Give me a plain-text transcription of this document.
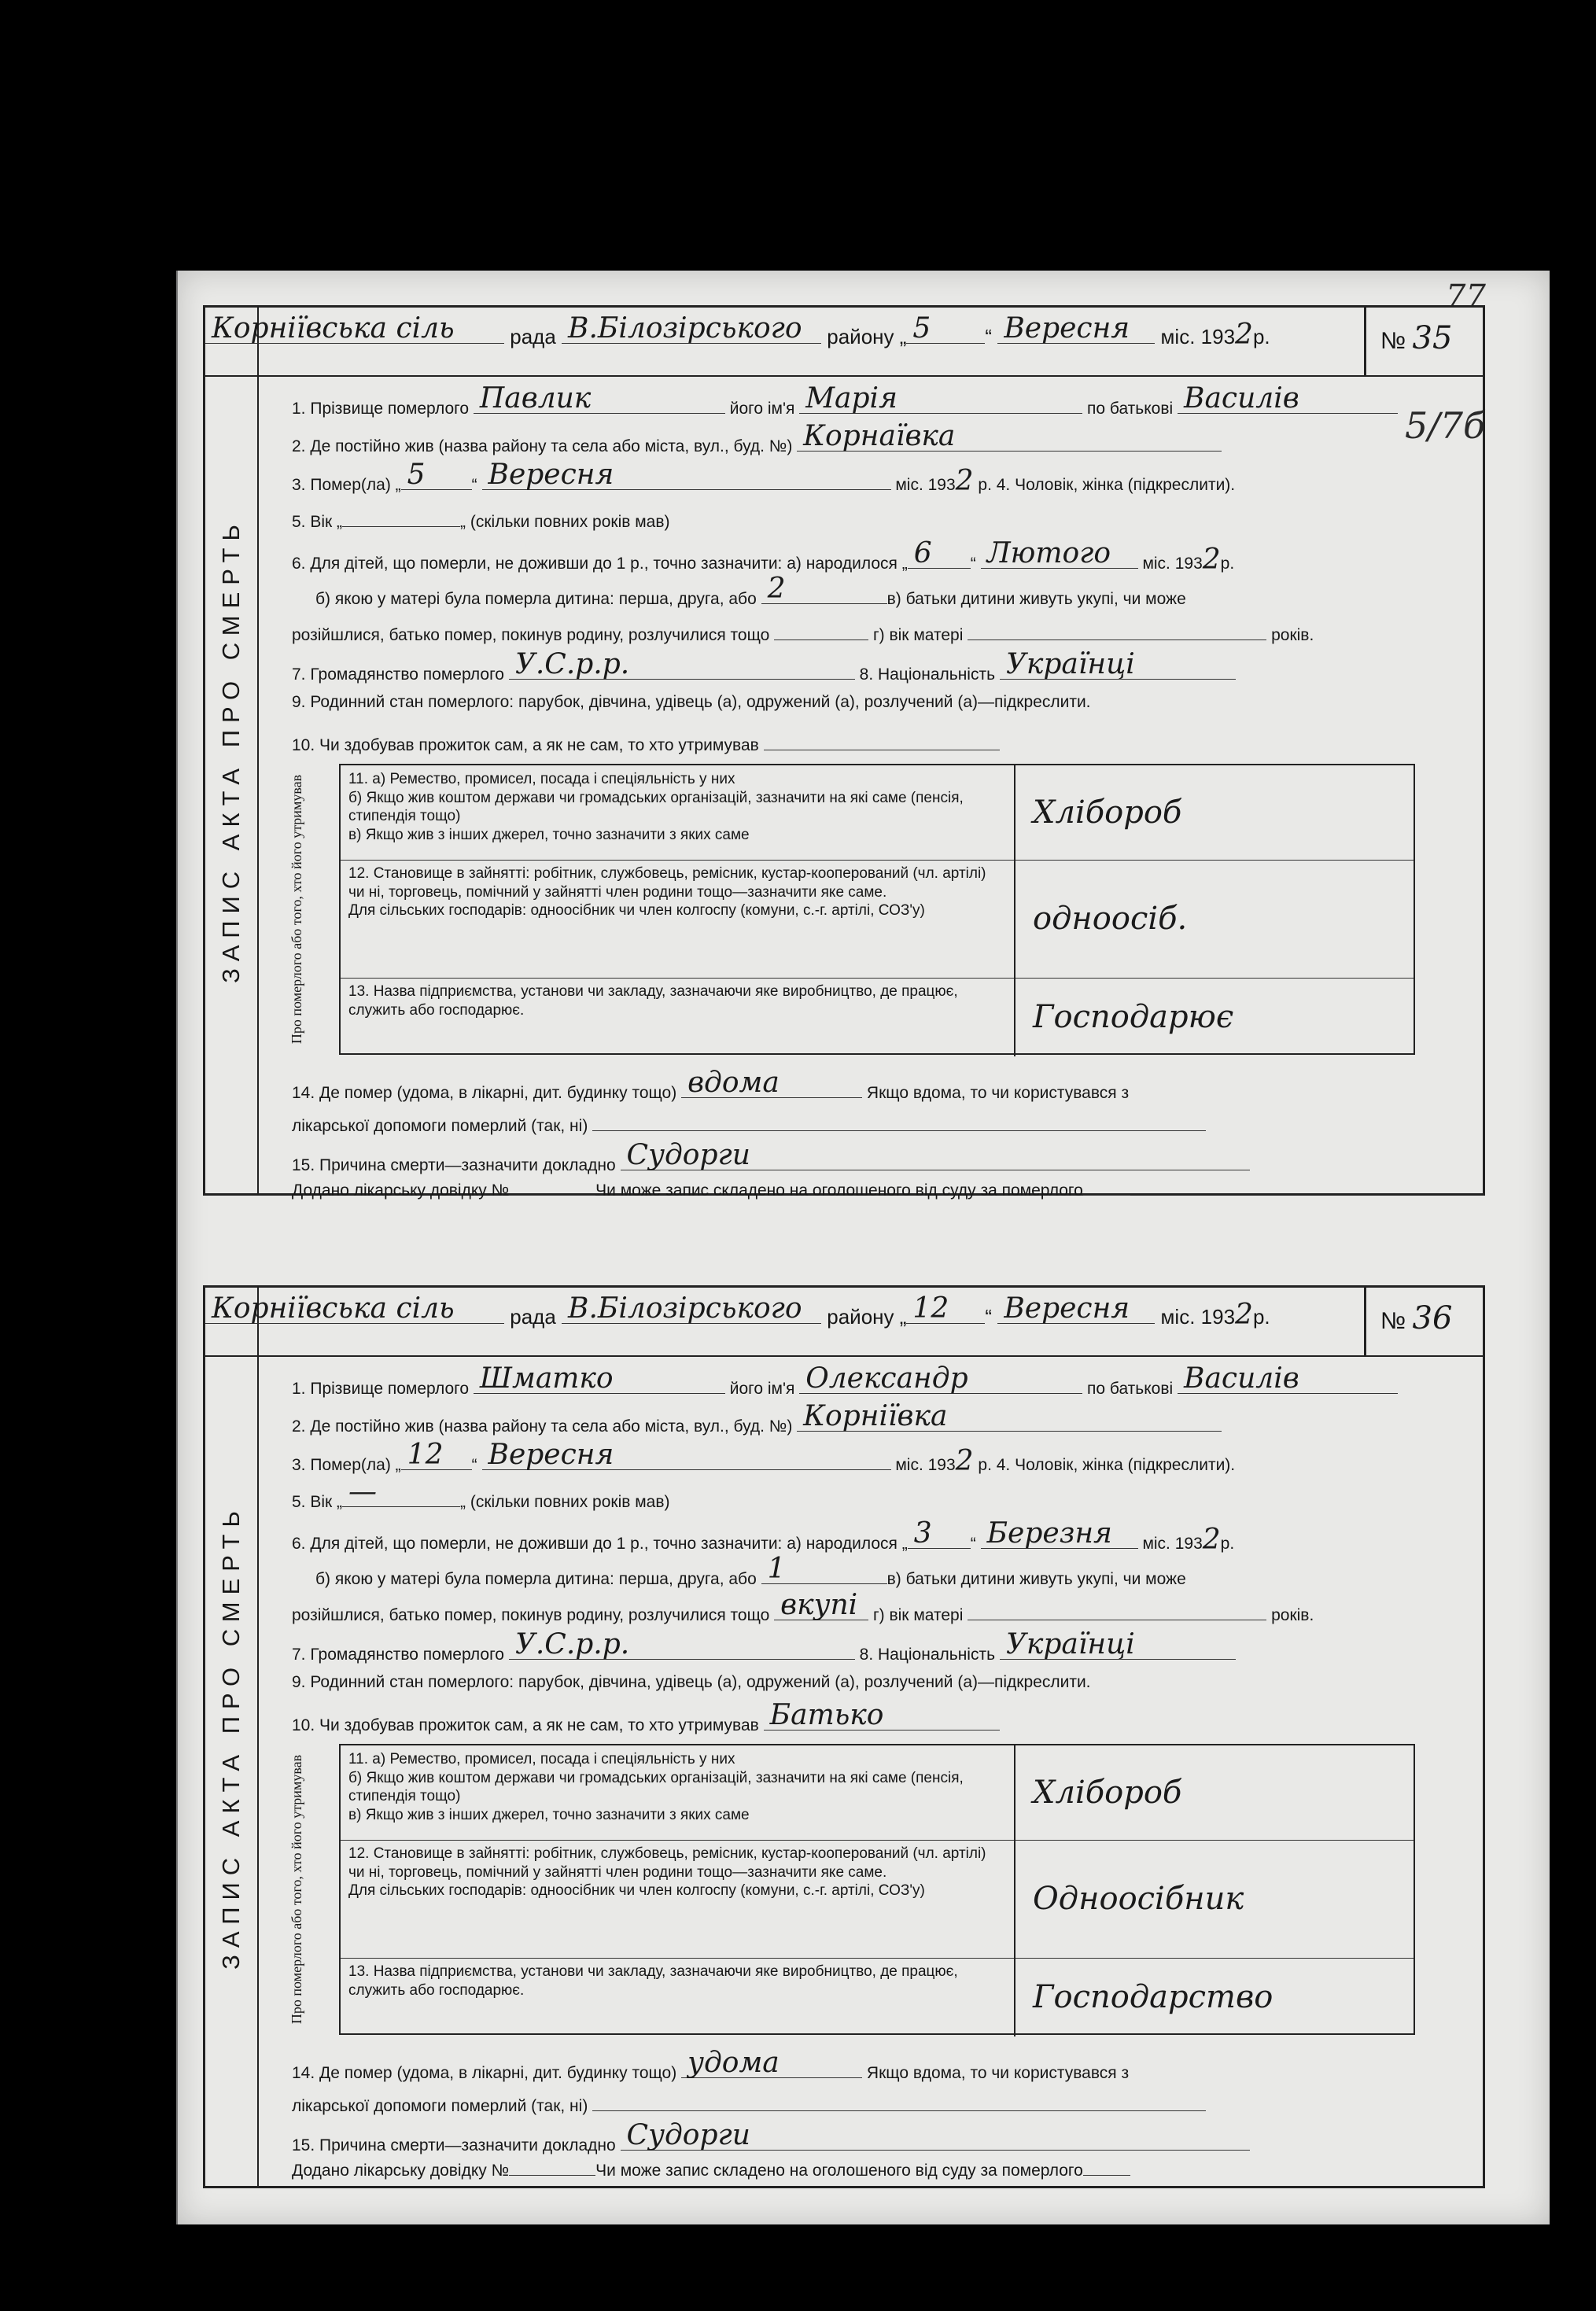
77
5/7б
ЗАПИС АКТА ПРО СМЕРТЬ
Корніївська сіль	рада В.Білозірського району „ 5	“ Вересня міс. 1932р.	№ 35
1. Прізвище померлого Павлик	його ім'я Марія	по батькові Василів
2. Де постійно жив (назва району та села або міста, вул., буд. №) Корнаївка
3. Помер(ла) „ 5	“ Вересня	міс. 1932 р. 4. Чоловік, жінка (підкреслити).
5. Вік „	„ (скільки повних років мав)
6. Для дітей, що померли, не доживши до 1 р., точно зазначити: а) народилося „ 6 “ Лютого міс. 1932р.
б) якою у матері була померла дитина: перша, друга, або 2	в) батьки дитини живуть укупі, чи може
розійшлися, батько помер, покинув родину, розлучилися тощо	г) вік матері	років.
7. Громадянство померлого У.С.р.р.	8. Національність Українці
9. Родинний стан померлого: парубок, дівчина, удівець (а), одружений (а), розлучений (а)—підкреслити.
10. Чи здобував прожиток сам, а як не сам, то хто утримував
Про померлого або того, хто його утримував	11. а) Ремество, промисел, посада і спеціяльність у них
б) Якщо жив коштом держави чи громадських організацій, зазначити на які саме (пенсія, стипендія тощо)
в) Якщо жив з інших джерел, точно зазначити з яких саме
Хлібороб
12. Становище в зайнятті: робітник, службовець, ремісник, кустар-кооперований (чл. артілі) чи ні, торговець, помічний у зайнятті член родини тощо—зазначити яке саме.
Для сільських господарів: одноосібник чи член колгоспу (комуни, с.-г. артілі, СОЗ'у)	одноосіб.
13. Назва підприємства, установи чи закладу, зазначаючи яке виробництво, де працює, служить або господарює.	Господарює
14. Де помер (удома, в лікарні, дит. будинку тощо) вдома	Якщо вдома, то чи користувався з
лікарської допомоги померлий (так, ні)
15. Причина смерти—зазначити докладно Судорги
Додано лікарську довідку №	Чи може запис складено на оголошеного від суду за померлого
ЗАПИС АКТА ПРО СМЕРТЬ
Корніївська сіль	рада В.Білозірського району „ 12 “ Вересня міс. 1932р.	№ 36
1. Прізвище померлого Шматко	його ім'я Олександр	по батькові Василів
2. Де постійно жив (назва району та села або міста, вул., буд. №) Корніївка
3. Помер(ла) „ 12 “ Вересня	міс. 1932 р. 4. Чоловік, жінка (підкреслити).
5. Вік „ —	„ (скільки повних років мав)
6. Для дітей, що померли, не доживши до 1 р., точно зазначити: а) народилося „ 3 “ Березня міс. 1932р.
б) якою у матері була померла дитина: перша, друга, або 1	в) батьки дитини живуть укупі, чи може
розійшлися, батько помер, покинув родину, розлучилися тощо вкупі г) вік матері	років.
7. Громадянство померлого У.С.р.р.	8. Національність Українці
9. Родинний стан померлого: парубок, дівчина, удівець (а), одружений (а), розлучений (а)—підкреслити.
10. Чи здобував прожиток сам, а як не сам, то хто утримував Батько
Про померлого або того, хто його утримував	11. а) Ремество, промисел, посада і спеціяльність у них
б) Якщо жив коштом держави чи громадських організацій, зазначити на які саме (пенсія, стипендія тощо)
в) Якщо жив з інших джерел, точно зазначити з яких саме
Хлібороб
12. Становище в зайнятті: робітник, службовець, ремісник, кустар-кооперований (чл. артілі) чи ні, торговець, помічний у зайнятті член родини тощо—зазначити яке саме.
Для сільських господарів: одноосібник чи член колгоспу (комуни, с.-г. артілі, СОЗ'у)	Одноосібник
13. Назва підприємства, установи чи закладу, зазначаючи яке виробництво, де працює, служить або господарює.	Господарство
14. Де помер (удома, в лікарні, дит. будинку тощо) удома	Якщо вдома, то чи користувався з
лікарської допомоги померлий (так, ні)
15. Причина смерти—зазначити докладно Судорги
Додано лікарську довідку №	Чи може запис складено на оголошеного від суду за померлого
